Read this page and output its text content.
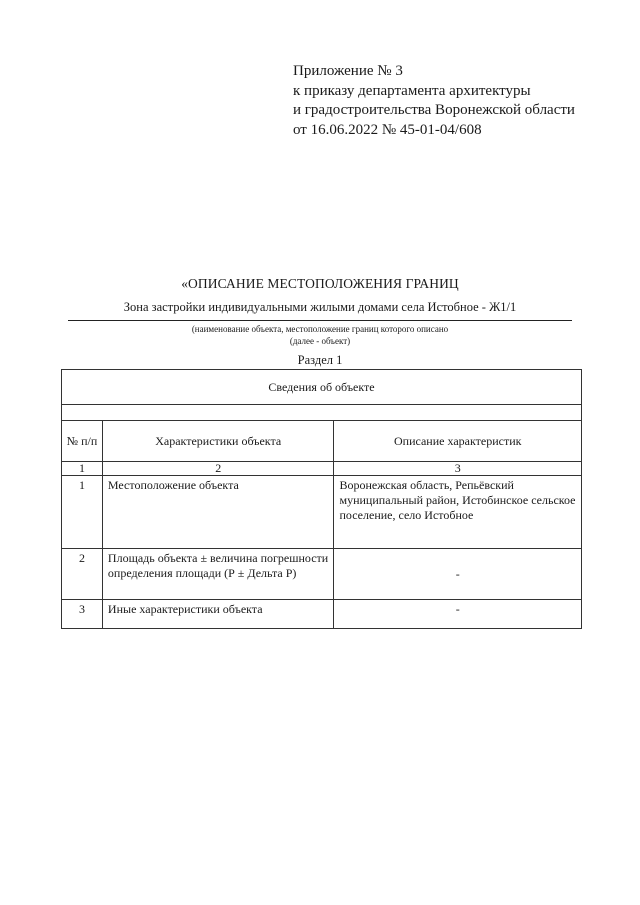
Приложение № 3
к приказу департамента архитектуры
и градостроительства Воронежской области
от 16.06.2022 № 45-01-04/608
«ОПИСАНИЕ МЕСТОПОЛОЖЕНИЯ ГРАНИЦ
Зона застройки индивидуальными жилыми домами села Истобное - Ж1/1
(наименование объекта, местоположение границ которого описано
(далее - объект)
Раздел 1
Сведения об объекте		

№ п/п	Характеристики объекта	Описание характеристик
1	2	3
1	Местоположение объекта	Воронежская область, Репьёвский муниципальный район, Истобинское сельское поселение, село Истобное
2	Площадь объекта ± величина погрешности определения площади (Р ± Дельта Р)	-
3	Иные характеристики объекта	-
